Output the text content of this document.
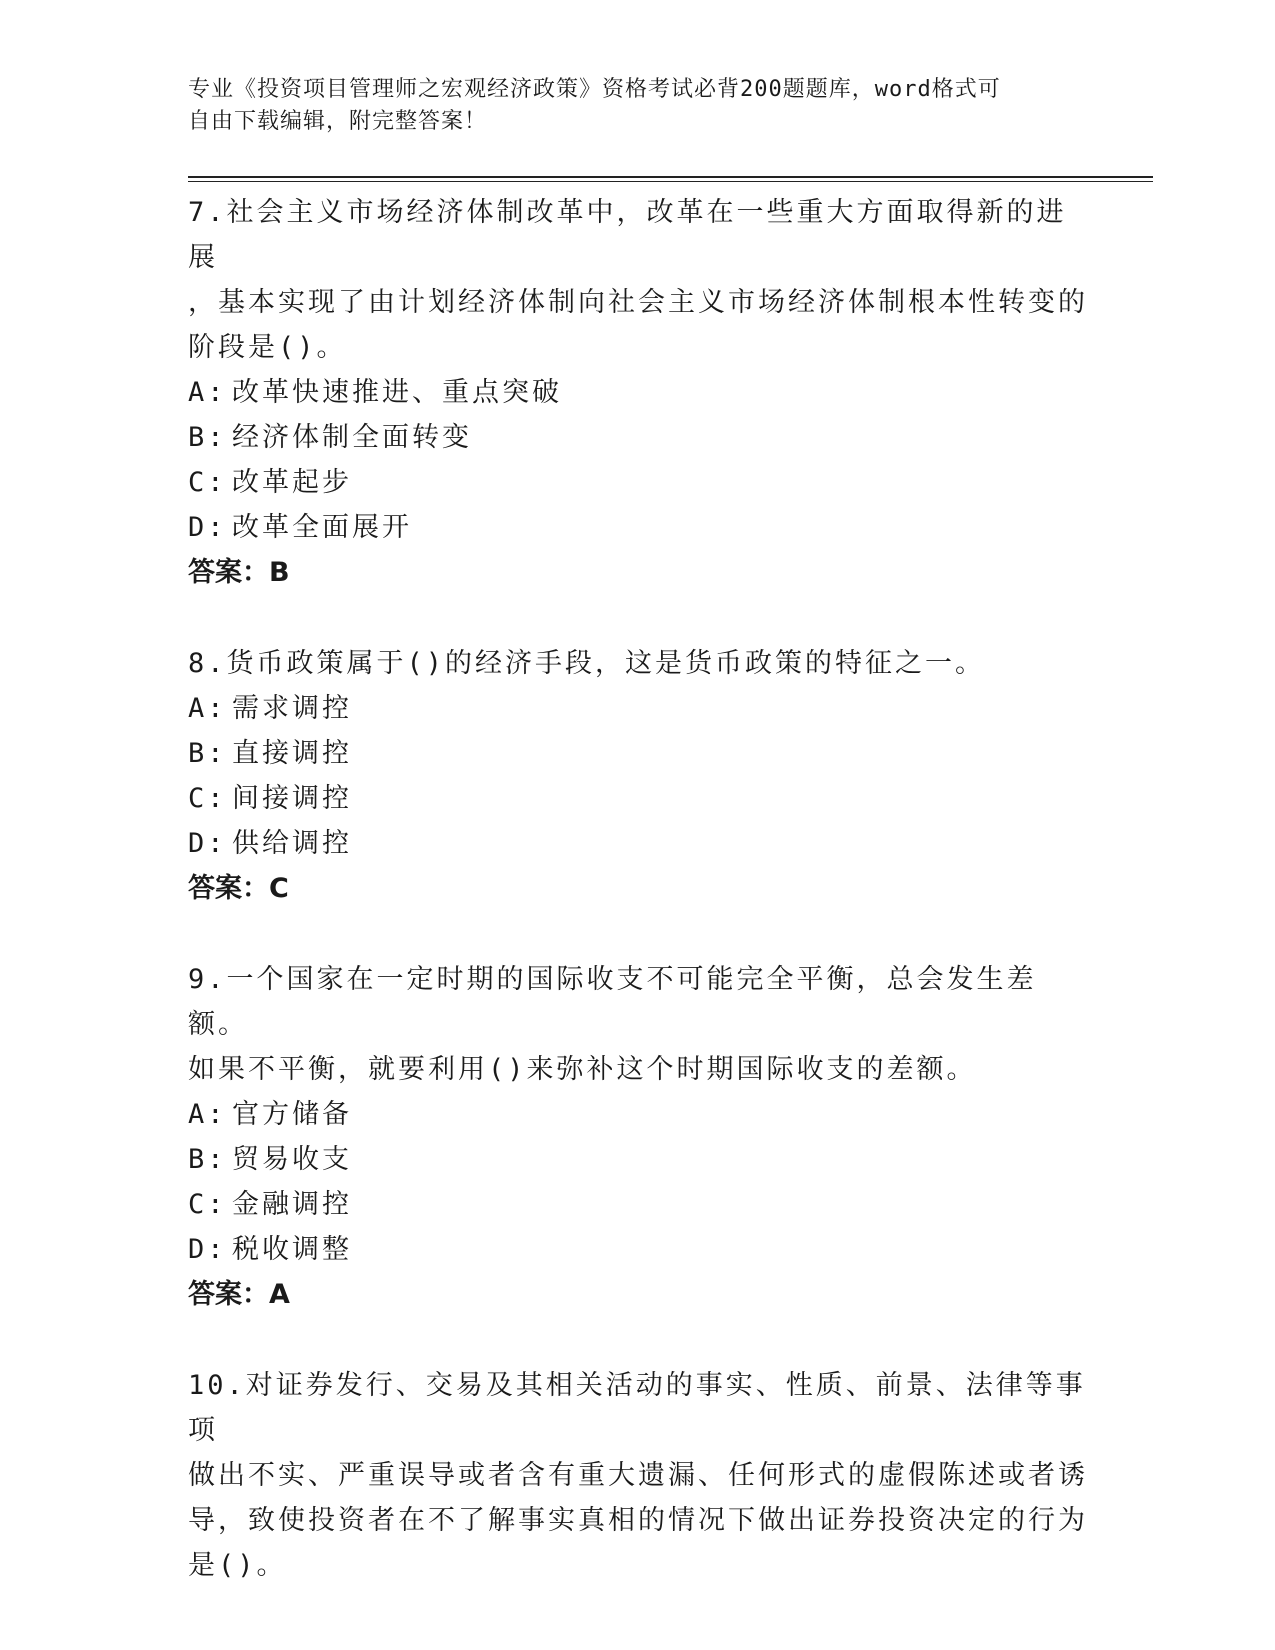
专业《投资项目管理师之宏观经济政策》资格考试必背200题题库，word格式可
自由下载编辑，附完整答案！

7.社会主义市场经济体制改革中，改革在一些重大方面取得新的进展
，基本实现了由计划经济体制向社会主义市场经济体制根本性转变的
阶段是()。

A: 改革快速推进、重点突破
B: 经济体制全面转变
C: 改革起步
D: 改革全面展开
答案：B

8.货币政策属于()的经济手段，这是货币政策的特征之一。

A: 需求调控
B: 直接调控
C: 间接调控
D: 供给调控
答案：C

9.一个国家在一定时期的国际收支不可能完全平衡，总会发生差额。
如果不平衡，就要利用()来弥补这个时期国际收支的差额。

A: 官方储备
B: 贸易收支
C: 金融调控
D: 税收调整
答案：A

10.对证券发行、交易及其相关活动的事实、性质、前景、法律等事项
做出不实、严重误导或者含有重大遗漏、任何形式的虚假陈述或者诱
导，致使投资者在不了解事实真相的情况下做出证券投资决定的行为
是()。
